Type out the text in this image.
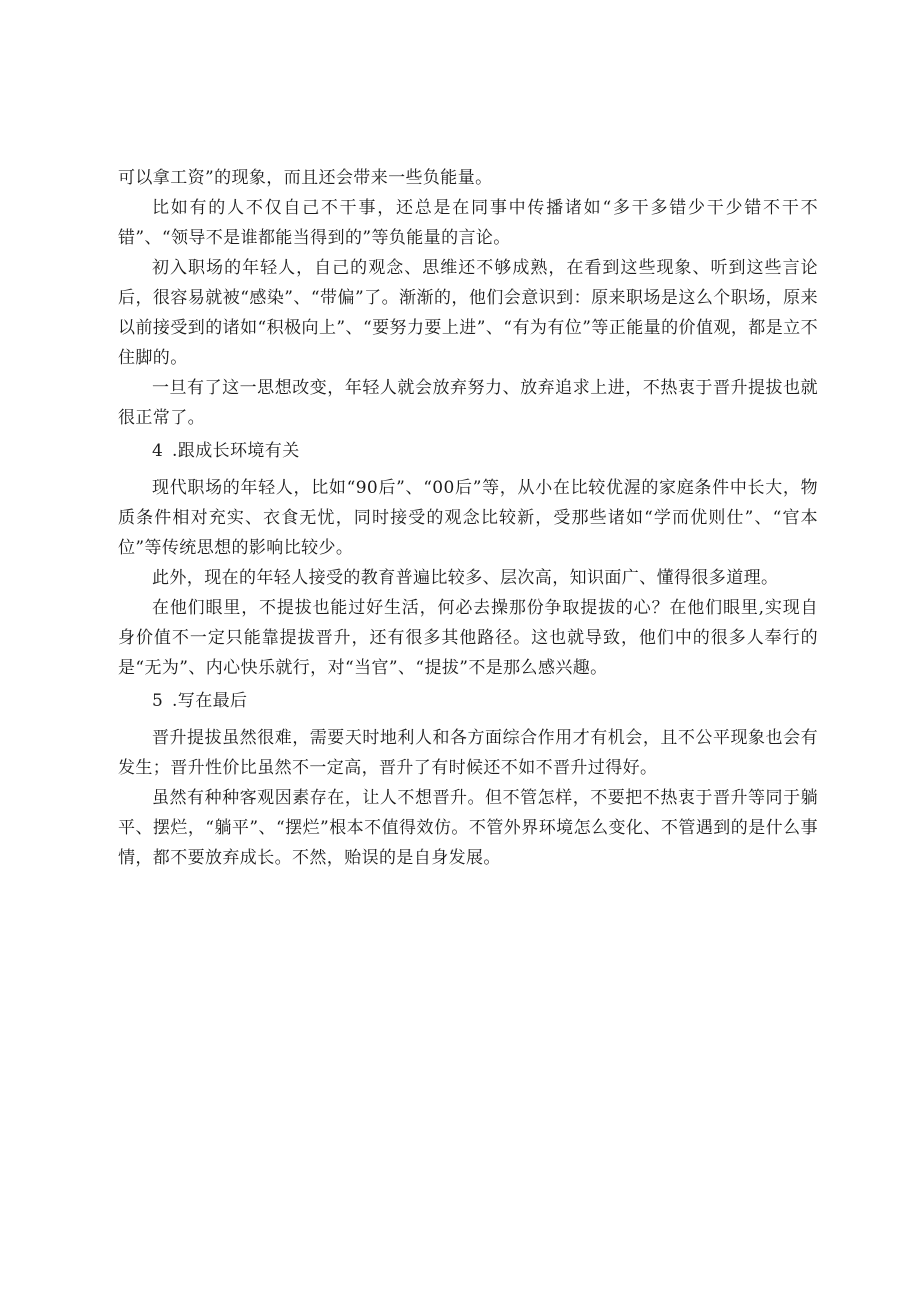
可以拿工资”的现象，而且还会带来一些负能量。

比如有的人不仅自己不干事，还总是在同事中传播诸如“多干多错少干少错不干不错”、“领导不是谁都能当得到的”等负能量的言论。

初入职场的年轻人，自己的观念、思维还不够成熟，在看到这些现象、听到这些言论后，很容易就被“感染”、“带偏”了。渐渐的，他们会意识到：原来职场是这么个职场，原来以前接受到的诸如“积极向上”、“要努力要上进”、“有为有位”等正能量的价值观，都是立不住脚的。

一旦有了这一思想改变，年轻人就会放弃努力、放弃追求上进，不热衷于晋升提拔也就很正常了。

4 .跟成长环境有关

现代职场的年轻人，比如“90后”、“00后”等，从小在比较优渥的家庭条件中长大，物质条件相对充实、衣食无忧，同时接受的观念比较新，受那些诸如“学而优则仕”、“官本位”等传统思想的影响比较少。

此外，现在的年轻人接受的教育普遍比较多、层次高，知识面广、懂得很多道理。

在他们眼里，不提拔也能过好生活，何必去操那份争取提拔的心？在他们眼里,实现自身价值不一定只能靠提拔晋升，还有很多其他路径。这也就导致，他们中的很多人奉行的是“无为”、内心快乐就行，对“当官”、“提拔”不是那么感兴趣。

5 .写在最后

晋升提拔虽然很难，需要天时地利人和各方面综合作用才有机会，且不公平现象也会有发生；晋升性价比虽然不一定高，晋升了有时候还不如不晋升过得好。

虽然有种种客观因素存在，让人不想晋升。但不管怎样，不要把不热衷于晋升等同于躺平、摆烂，“躺平”、“摆烂”根本不值得效仿。不管外界环境怎么变化、不管遇到的是什么事情，都不要放弃成长。不然，贻误的是自身发展。
